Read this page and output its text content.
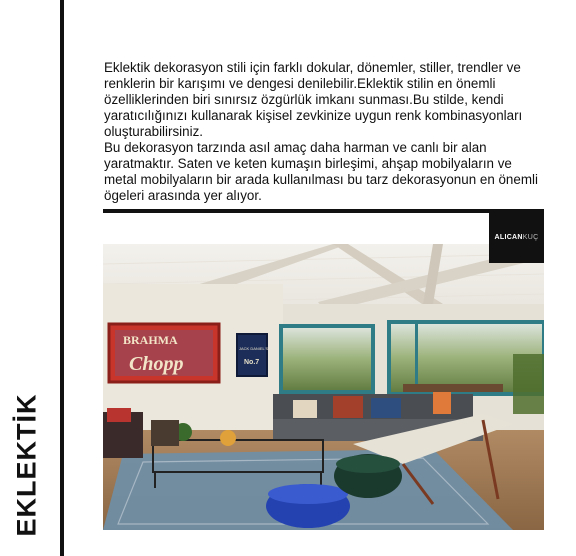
EKLEKTİK

Eklektik dekorasyon stili için farklı dokular, dönemler, stiller, trendler ve renklerin bir karışımı ve dengesi denilebilir.Eklektik stilin en önemli özelliklerinden biri sınırsız özgürlük imkanı sunması.Bu stilde, kendi yaratıcılığınızı kullanarak kişisel zevkinize uygun renk kombinasyonları oluşturabilirsiniz.

Bu dekorasyon tarzında asıl amaç daha harman ve canlı bir alan yaratmaktır. Saten ve keten kumaşın birleşimi, ahşap mobilyaların ve metal mobilyaların bir arada kullanılması bu tarz dekorasyonun en önemli ögeleri arasında yer alıyor.

BRAHMA
Chopp
JACK DANIEL'S
No.7
ALICAN KUÇ
